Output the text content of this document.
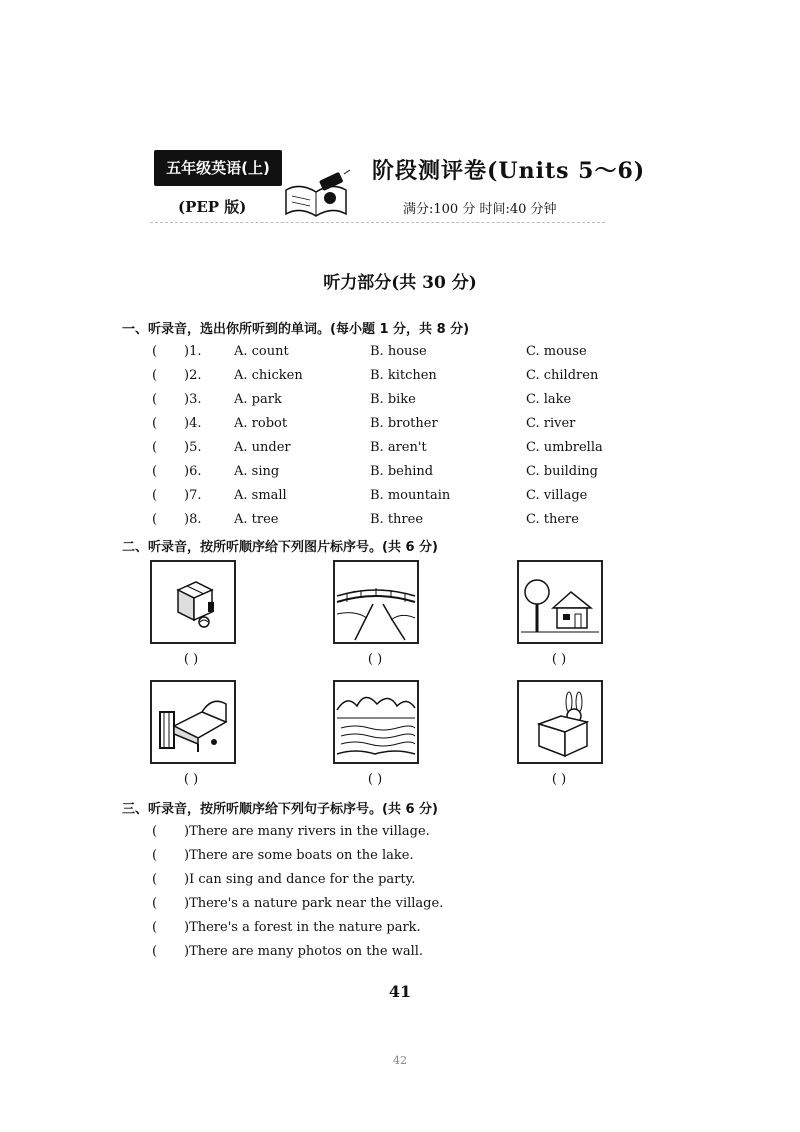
五年级英语(上)
(PEP 版)
阶段测评卷(Units 5～6)
满分:100 分 时间:40 分钟
听力部分(共 30 分)
一、听录音，选出你所听到的单词。(每小题 1 分，共 8 分)
( )1.	A. count	B. house	C. mouse
( )2.	A. chicken	B. kitchen	C. children
( )3.	A. park	B. bike	C. lake
( )4.	A. robot	B. brother	C. river
( )5.	A. under	B. aren't	C. umbrella
( )6.	A. sing	B. behind	C. building
( )7.	A. small	B. mountain	C. village
( )8.	A. tree	B. three	C. there
二、听录音，按所听顺序给下列图片标序号。(共 6 分)
( )	( )	( )
( )	( )	( )
三、听录音，按所听顺序给下列句子标序号。(共 6 分)
( )There are many rivers in the village.
( )There are some boats on the lake.
( )I can sing and dance for the party.
( )There's a nature park near the village.
( )There's a forest in the nature park.
( )There are many photos on the wall.
41
42
